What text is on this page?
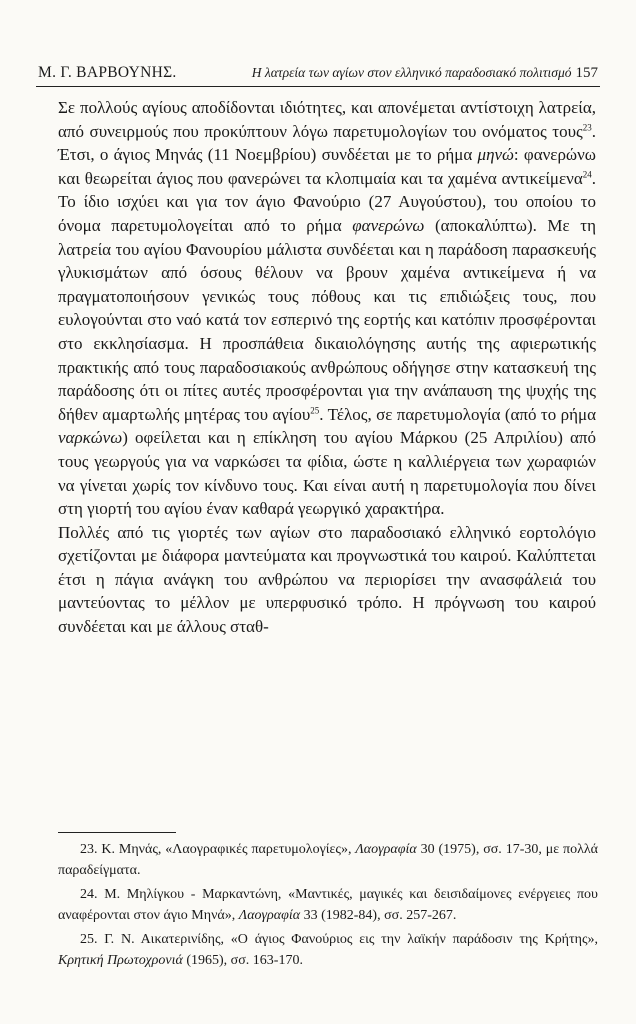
Μ. Γ. ΒΑΡΒΟΥΝΗΣ.	Η λατρεία των αγίων στον ελληνικό παραδοσιακό πολιτισμό 157

Σε πολλούς αγίους αποδίδονται ιδιότητες, και απονέμεται αντίστοιχη λατρεία, από συνειρμούς που προκύπτουν λόγω παρετυμολογίων του ονόματος τους$^{23}$. Έτσι, ο άγιος Μηνάς (11 Νοεμβρίου) συνδέεται με το ρήμα μηνώ: φανερώνω και θεωρείται άγιος που φανερώνει τα κλοπιμαία και τα χαμένα αντικείμενα$^{24}$. Το ίδιο ισχύει και για τον άγιο Φανούριο (27 Αυγούστου), του οποίου το όνομα παρετυμολογείται από το ρήμα φανερώνω (αποκαλύπτω). Με τη λατρεία του αγίου Φανουρίου μάλιστα συνδέεται και η παράδοση παρασκευής γλυκισμάτων από όσους θέλουν να βρουν χαμένα αντικείμενα ή να πραγματοποιήσουν γενικώς τους πόθους και τις επιδιώξεις τους, που ευλογούνται στο ναό κατά τον εσπερινό της εορτής και κατόπιν προσφέρονται στο εκκλησίασμα. Η προσπάθεια δικαιολόγησης αυτής της αφιερωτικής πρακτικής από τους παραδοσιακούς ανθρώπους οδήγησε στην κατασκευή της παράδοσης ότι οι πίτες αυτές προσφέρονται για την ανάπαυση της ψυχής της δήθεν αμαρτωλής μητέρας του αγίου$^{25}$. Τέλος, σε παρετυμολογία (από το ρήμα ναρκώνω) οφείλεται και η επίκληση του αγίου Μάρκου (25 Απριλίου) από τους γεωργούς για να ναρκώσει τα φίδια, ώστε η καλλιέργεια των χωραφιών να γίνεται χωρίς τον κίνδυνο τους. Και είναι αυτή η παρετυμολογία που δίνει στη γιορτή του αγίου έναν καθαρά γεωργικό χαρακτήρα.

Πολλές από τις γιορτές των αγίων στο παραδοσιακό ελληνικό εορτολόγιο σχετίζονται με διάφορα μαντεύματα και προγνωστικά του καιρού. Καλύπτεται έτσι η πάγια ανάγκη του ανθρώπου να περιορίσει την ανασφάλειά του μαντεύοντας το μέλλον με υπερφυσικό τρόπο. Η πρόγνωση του καιρού συνδέεται και με άλλους σταθ-

23. Κ. Μηνάς, «Λαογραφικές παρετυμολογίες», Λαογραφία 30 (1975), σσ. 17-30, με πολλά παραδείγματα.

24. Μ. Μηλίγκου - Μαρκαντώνη, «Μαντικές, μαγικές και δεισιδαίμονες ενέργειες που αναφέρονται στον άγιο Μηνά», Λαογραφία 33 (1982-84), σσ. 257-267.

25. Γ. Ν. Αικατερινίδης, «Ο άγιος Φανούριος εις την λαϊκήν παράδοσιν της Κρήτης», Κρητική Πρωτοχρονιά (1965), σσ. 163-170.
